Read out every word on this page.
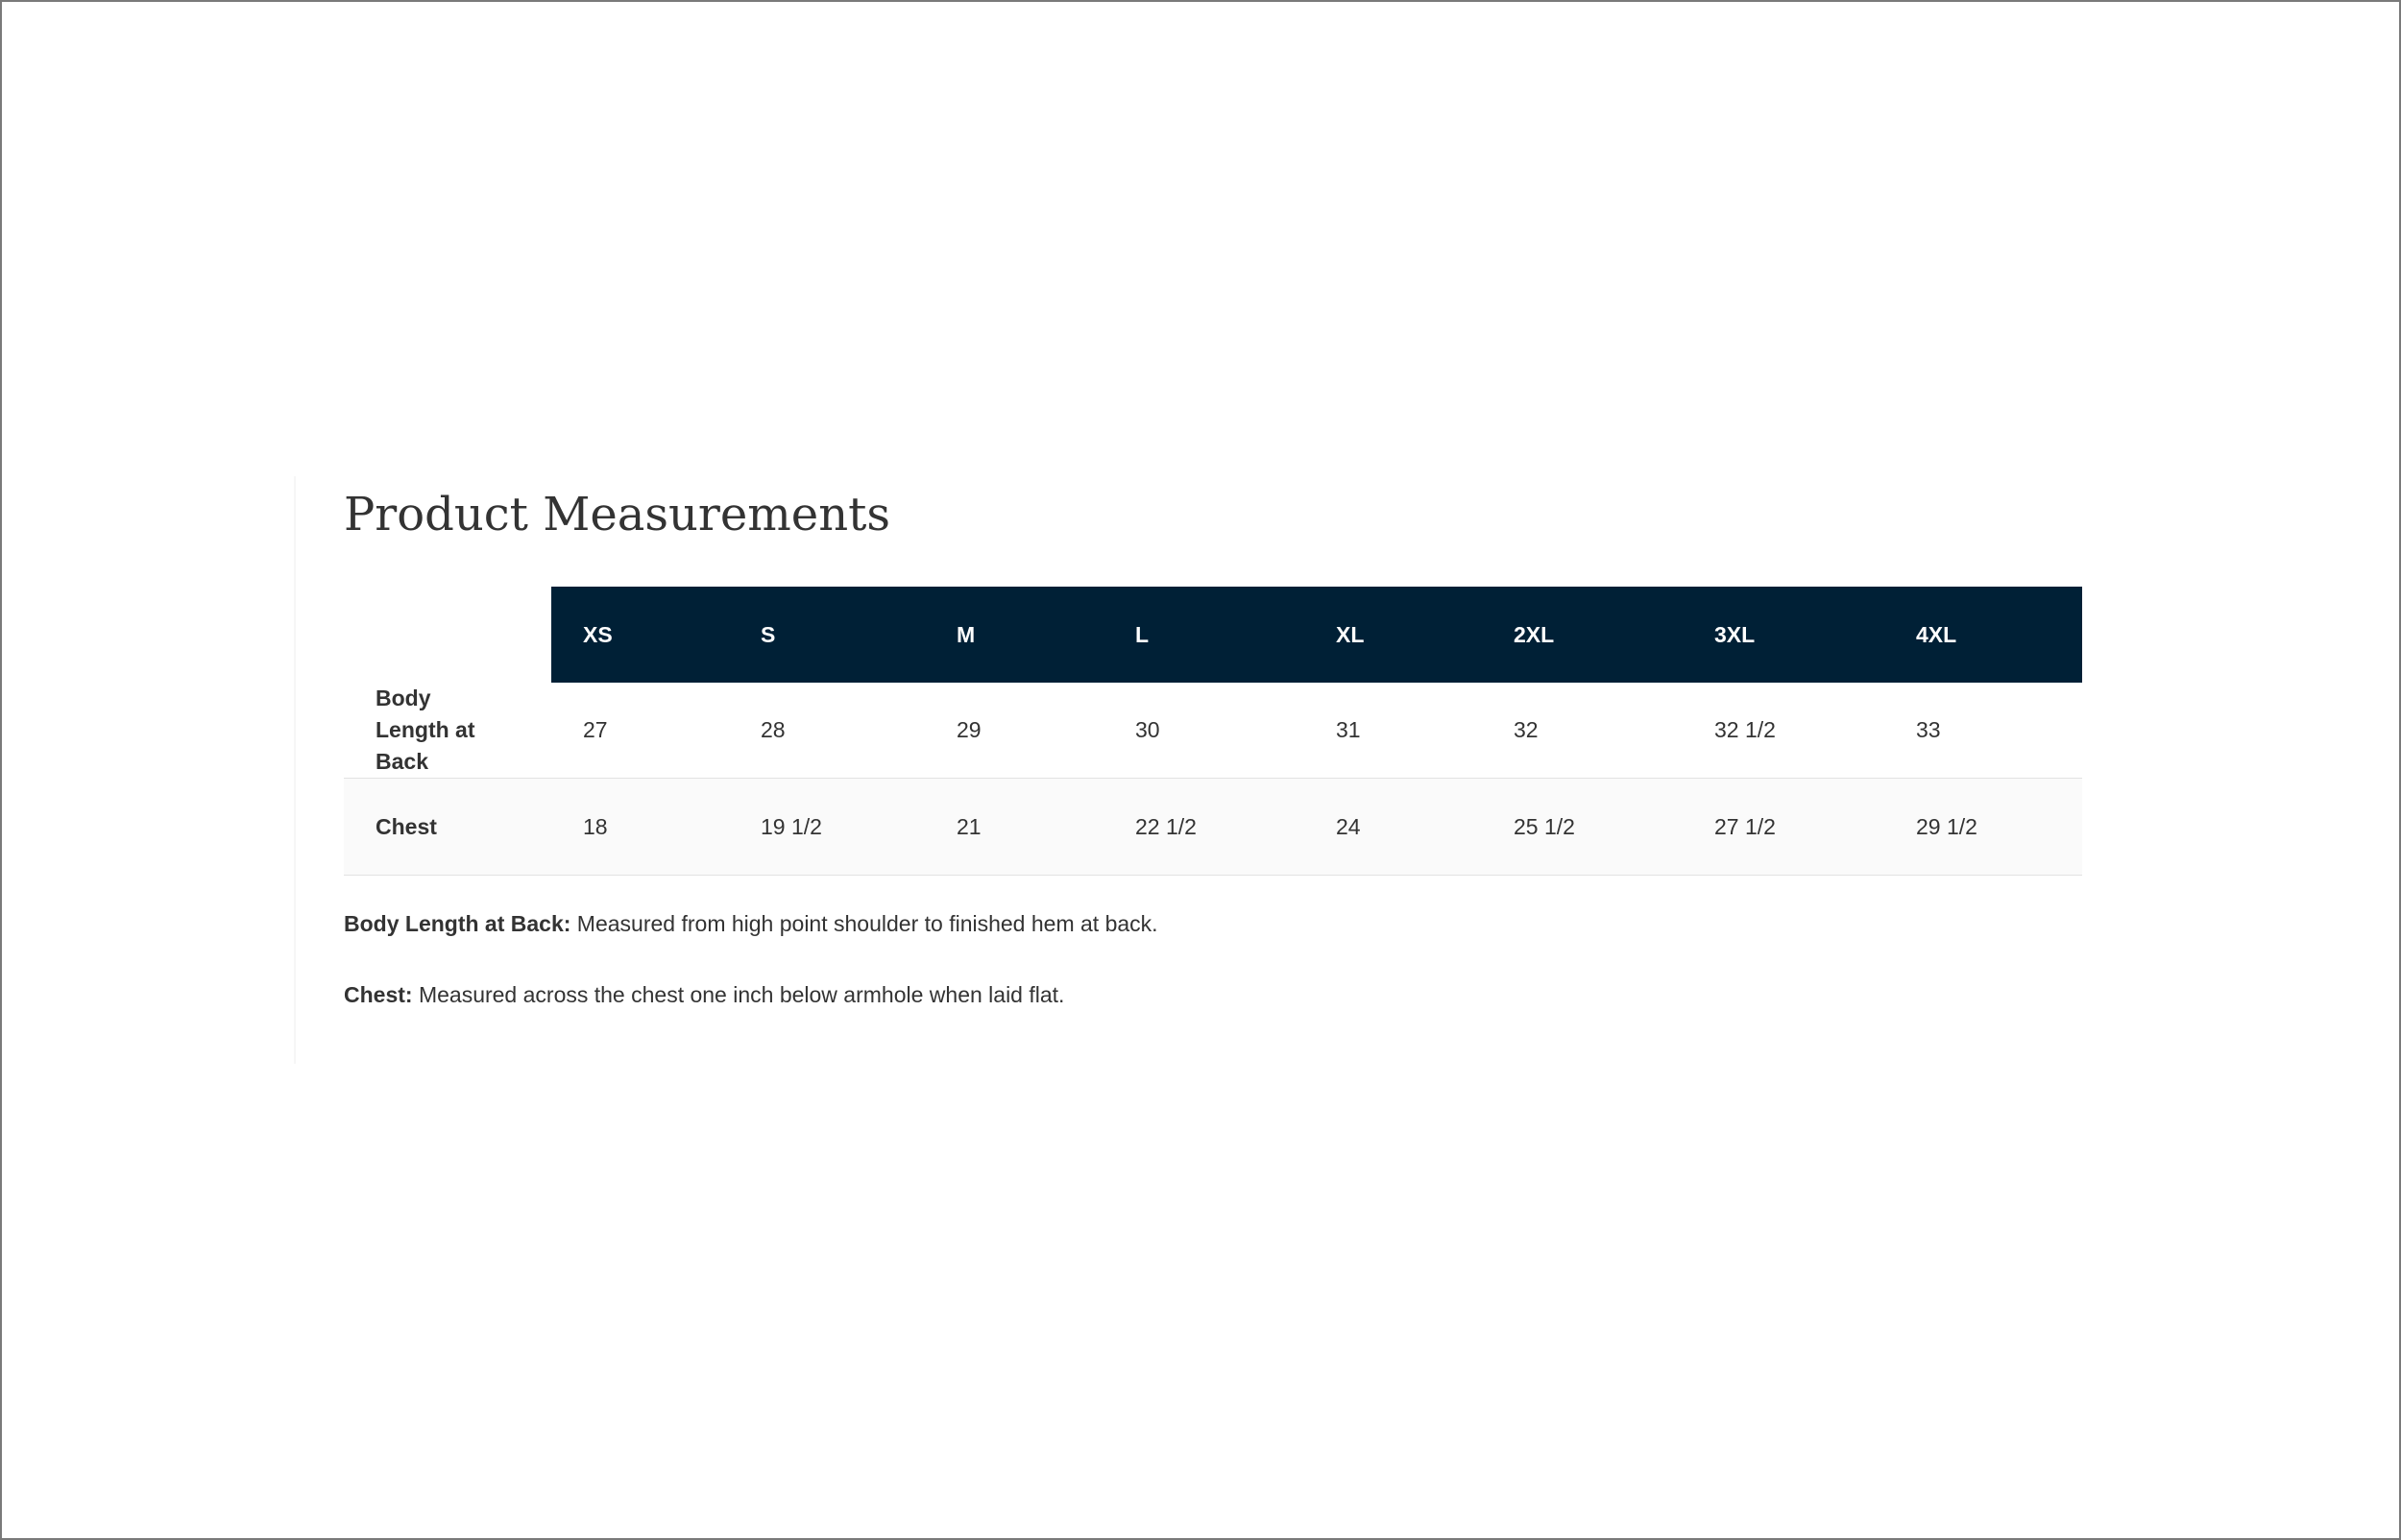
Product Measurements
	XS	S	M	L	XL	2XL	3XL	4XL
Body Length at Back	27	28	29	30	31	32	32 1/2	33
Chest	18	19 1/2	21	22 1/2	24	25 1/2	27 1/2	29 1/2

Body Length at Back: Measured from high point shoulder to finished hem at back.

Chest: Measured across the chest one inch below armhole when laid flat.
